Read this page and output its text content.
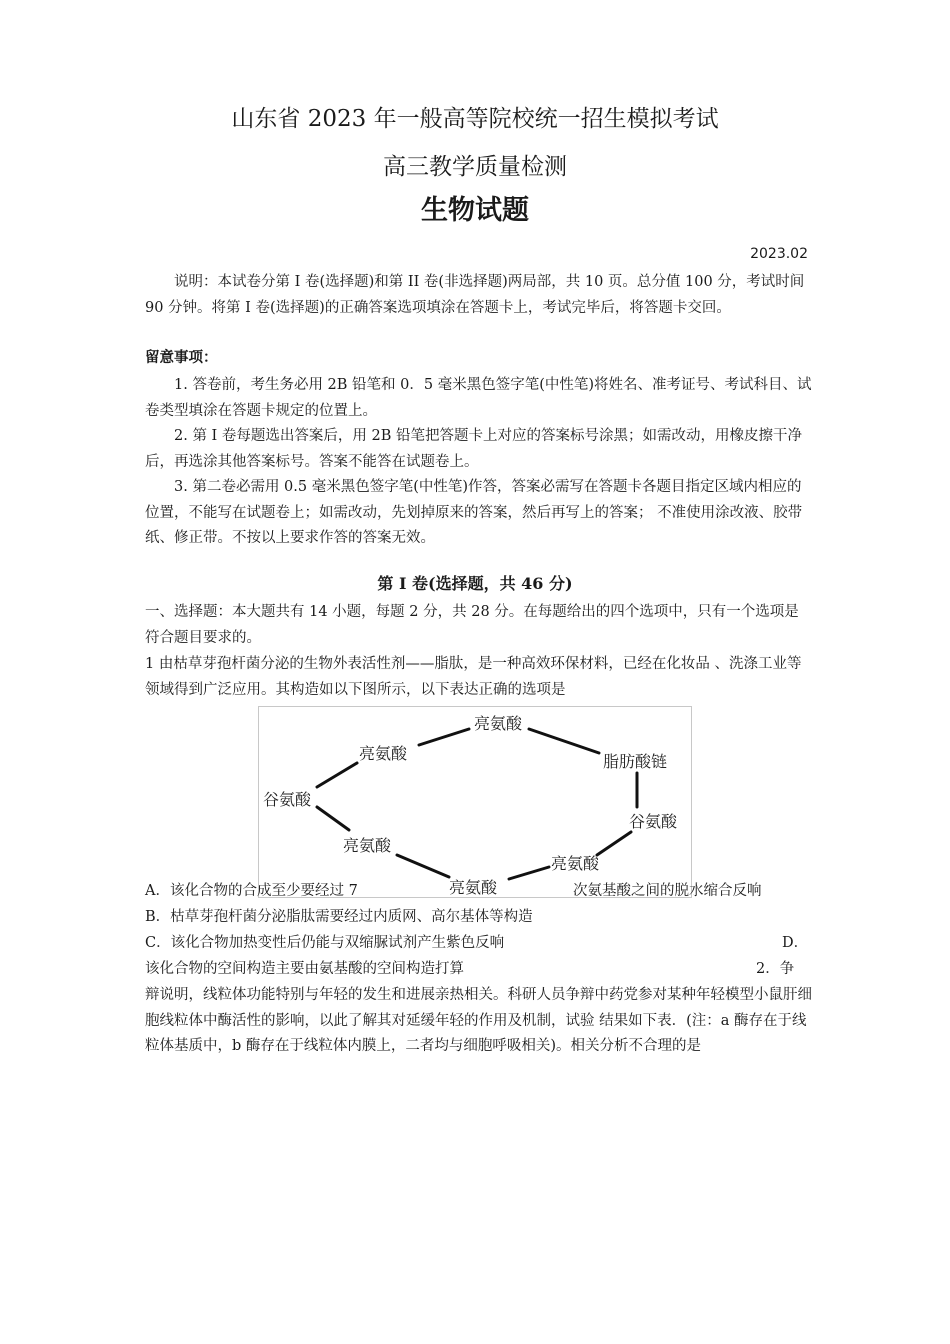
山东省 2023 年一般高等院校统一招生模拟考试
高三教学质量检测
生物试题
2023.02
说明：本试卷分第 I 卷(选择题)和第 II 卷(非选择题)两局部，共 10 页。总分值 100 分，考试时间 90 分钟。将第 I 卷(选择题)的正确答案选项填涂在答题卡上，考试完毕后，将答题卡交回。
留意事项：
1. 答卷前，考生务必用 2B 铅笔和 0．5 毫米黑色签字笔(中性笔)将姓名、准考证号、考试科目、试卷类型填涂在答题卡规定的位置上。
2. 第 I 卷每题选出答案后，用 2B 铅笔把答题卡上对应的答案标号涂黑；如需改动，用橡皮擦干净后，再选涂其他答案标号。答案不能答在试题卷上。
3. 第二卷必需用 0.5 毫米黑色签字笔(中性笔)作答，答案必需写在答题卡各题目指定区域内相应的位置，不能写在试题卷上；如需改动，先划掉原来的答案，然后再写上的答案； 不准使用涂改液、胶带纸、修正带。不按以上要求作答的答案无效。
第 I 卷(选择题，共 46 分)
一、选择题：本大题共有 14 小题，每题 2 分，共 28 分。在每题给出的四个选项中，只有一个选项是符合题目要求的。
1 由枯草芽孢杆菌分泌的生物外表活性剂——脂肽，是一种高效环保材料，已经在化妆品 、洗涤工业等领域得到广泛应用。其构造如以下图所示，以下表达正确的选项是
亮氨酸
亮氨酸	脂肪酸链
谷氨酸
谷氨酸
亮氨酸
亮氨酸
亮氨酸
A．该化合物的合成至少要经过 7	次氨基酸之间的脱水缩合反响
B．枯草芽孢杆菌分泌脂肽需要经过内质网、高尔基体等构造
C．该化合物加热变性后仍能与双缩脲试剂产生紫色反响	D．
该化合物的空间构造主要由氨基酸的空间构造打算	2．争
辩说明，线粒体功能特别与年轻的发生和进展亲热相关。科研人员争辩中药党参对某种年轻模型小鼠肝细胞线粒体中酶活性的影响，以此了解其对延缓年轻的作用及机制，试验 结果如下表．(注：a 酶存在于线粒体基质中，b 酶存在于线粒体内膜上，二者均与细胞呼吸相关)。相关分析不合理的是
